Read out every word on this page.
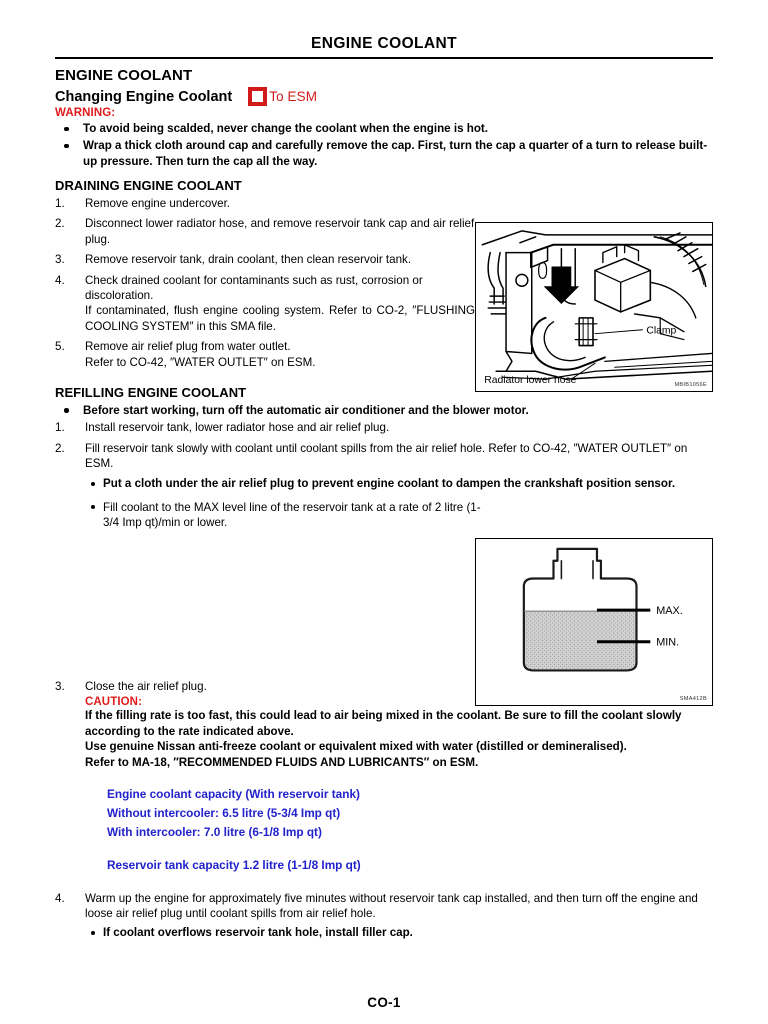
ENGINE COOLANT
ENGINE COOLANT
Changing Engine Coolant	To ESM
WARNING:
To avoid being scalded, never change the coolant when the engine is hot.
Wrap a thick cloth around cap and carefully remove the cap. First, turn the cap a quarter of a turn to release built-up pressure. Then turn the cap all the way.
DRAINING ENGINE COOLANT
1.	Remove engine undercover.
2.	Disconnect lower radiator hose, and remove reservoir tank cap and air relief plug.
3.	Remove reservoir tank, drain coolant, then clean reservoir tank.
4.	Check drained coolant for contaminants such as rust, corrosion or discoloration.
If contaminated, flush engine cooling system. Refer to CO-2, ″FLUSHING COOLING SYSTEM″ in this SMA file.
5.	Remove air relief plug from water outlet.
Refer to CO-42, ″WATER OUTLET″ on ESM.
REFILLING ENGINE COOLANT
Before start working, turn off the automatic air conditioner and the blower motor.
1.	Install reservoir tank, lower radiator hose and air relief plug.
2.	Fill reservoir tank slowly with coolant until coolant spills from the air relief hole. Refer to CO-42, ″WATER OUTLET″ on ESM.
Put a cloth under the air relief plug to prevent engine coolant to dampen the crankshaft position sensor.
Fill coolant to the MAX level line of the reservoir tank at a rate of 2 litre (1-3/4 Imp qt)/min or lower.
3.	Close the air relief plug.
CAUTION:
If the filling rate is too fast, this could lead to air being mixed in the coolant. Be sure to fill the coolant slowly according to the rate indicated above.
Use genuine Nissan anti-freeze coolant or equivalent mixed with water (distilled or demineralised).
Refer to MA-18, ″RECOMMENDED FLUIDS AND LUBRICANTS″ on ESM.
Engine coolant capacity (With reservoir tank)
Without intercooler: 6.5 litre (5-3/4 Imp qt)
With intercooler: 7.0 litre (6-1/8 Imp qt)
Reservoir tank capacity 1.2 litre (1-1/8 Imp qt)
4.	Warm up the engine for approximately five minutes without reservoir tank cap installed, and then turn off the engine and loose air relief plug until coolant spills from air relief hole.
If coolant overflows reservoir tank hole, install filler cap.
Clamp
Radiator lower hose	MBIB1056E
MAX.
MIN.
SMA412B
CO-1
